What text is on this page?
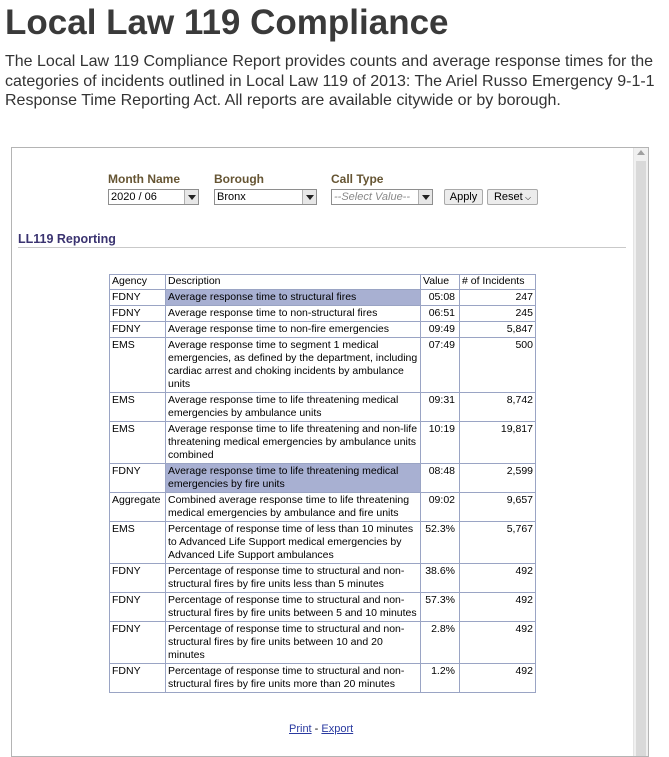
Local Law 119 Compliance

The Local Law 119 Compliance Report provides counts and average response times for the categories of incidents outlined in Local Law 119 of 2013: The Ariel Russo Emergency 9-1-1 Response Time Reporting Act. All reports are available citywide or by borough.

Month Name	Borough	Call Type
2020 / 06	Bronx	--Select Value--	Apply	Reset ⌵
LL119 Reporting
Agency	Description	Value	# of Incidents
FDNY	Average response time to structural fires	05:08	247
FDNY	Average response time to non-structural fires	06:51	245
FDNY	Average response time to non-fire emergencies	09:49	5,847
EMS	Average response time to segment 1 medical emergencies, as defined by the department, including cardiac arrest and choking incidents by ambulance units	07:49	500
EMS	Average response time to life threatening medical emergencies by ambulance units	09:31	8,742
EMS	Average response time to life threatening and non-life threatening medical emergencies by ambulance units combined	10:19	19,817
FDNY	Average response time to life threatening medical emergencies by fire units	08:48	2,599
Aggregate	Combined average response time to life threatening medical emergencies by ambulance and fire units	09:02	9,657
EMS	Percentage of response time of less than 10 minutes to Advanced Life Support medical emergencies by Advanced Life Support ambulances	52.3%	5,767
FDNY	Percentage of response time to structural and non-structural fires by fire units less than 5 minutes	38.6%	492
FDNY	Percentage of response time to structural and non-structural fires by fire units between 5 and 10 minutes	57.3%	492
FDNY	Percentage of response time to structural and non-structural fires by fire units between 10 and 20 minutes	2.8%	492
FDNY	Percentage of response time to structural and non-structural fires by fire units more than 20 minutes	1.2%	492
Print - Export
